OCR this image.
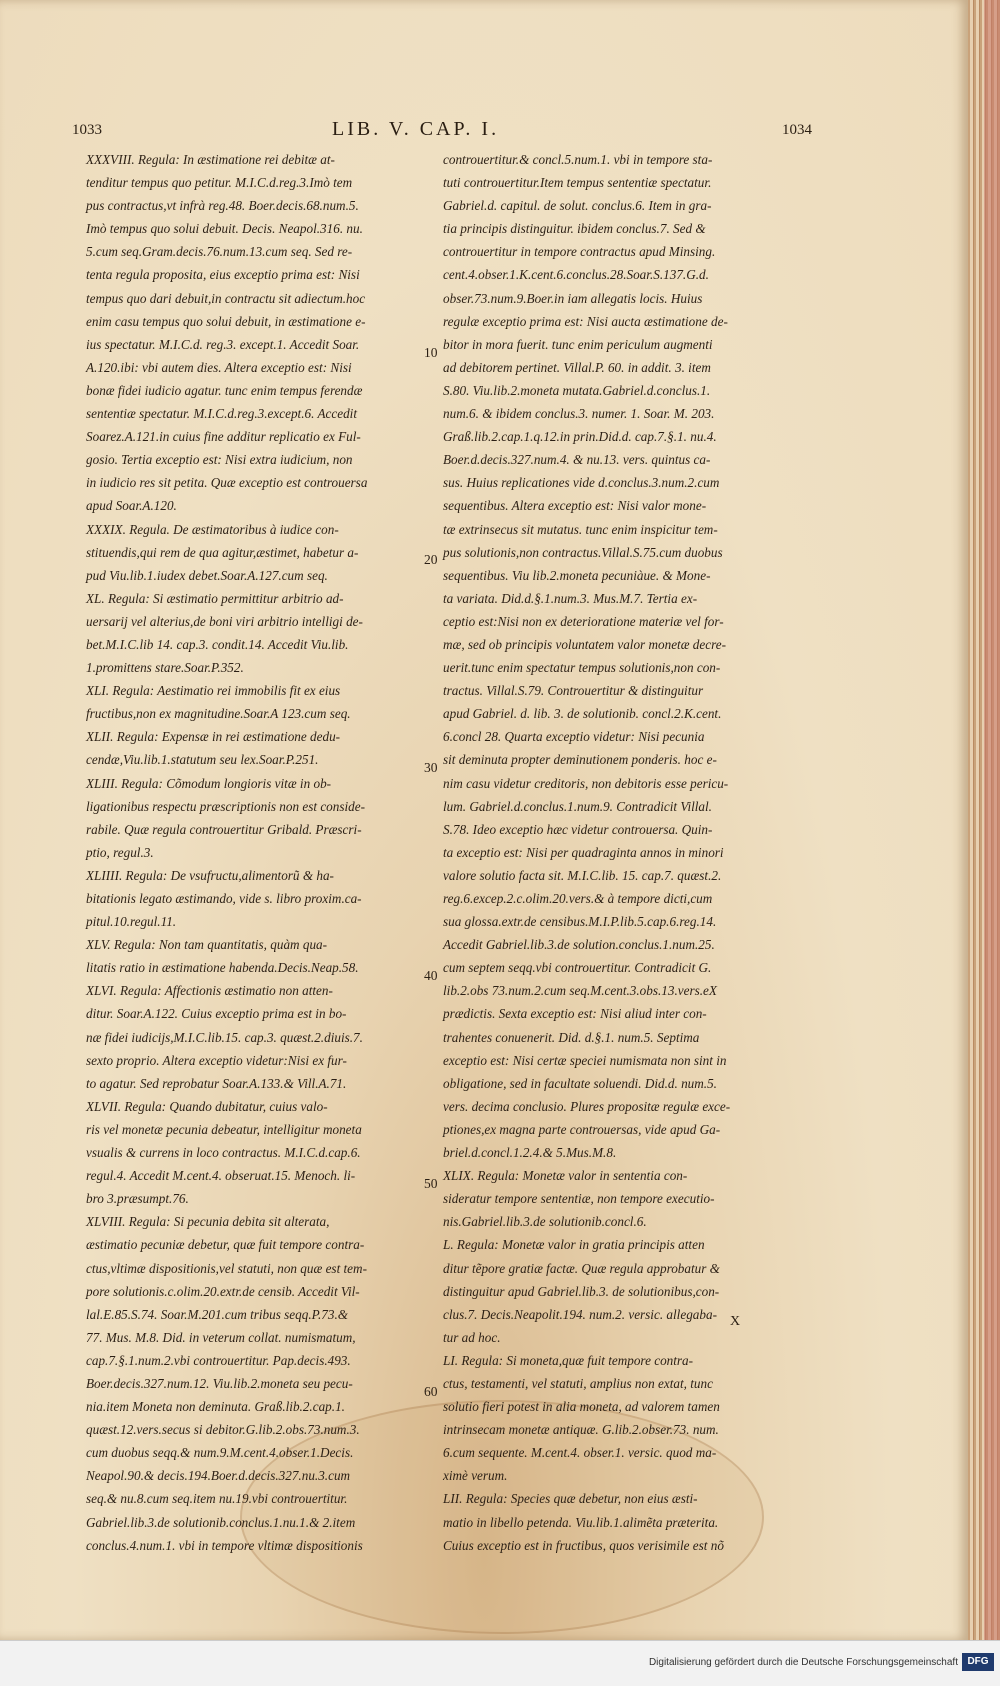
1033	LIB. V. CAP. I.	1034
XXXVIII. Regula: In æstimatione rei debitæ at-
tenditur tempus quo petitur. M.I.C.d.reg.3.Imò tem
pus contractus,vt infrà reg.48. Boer.decis.68.num.5.
Imò tempus quo solui debuit. Decis. Neapol.316. nu.
5.cum seq.Gram.decis.76.num.13.cum seq. Sed re-
tenta regula proposita, eius exceptio prima est: Nisi
tempus quo dari debuit,in contractu sit adiectum.hoc
enim casu tempus quo solui debuit, in æstimatione e-
ius spectatur. M.I.C.d. reg.3. except.1. Accedit Soar.
A.120.ibi: vbi autem dies. Altera exceptio est: Nisi
bonæ fidei iudicio agatur. tunc enim tempus ferendæ
sententiæ spectatur. M.I.C.d.reg.3.except.6. Accedit
Soarez.A.121.in cuius fine additur replicatio ex Ful-
gosio. Tertia exceptio est: Nisi extra iudicium, non
in iudicio res sit petita. Quæ exceptio est controuersa
apud Soar.A.120.
XXXIX. Regula. De æstimatoribus à iudice con-
stituendis,qui rem de qua agitur,æstimet, habetur a-
pud Viu.lib.1.iudex debet.Soar.A.127.cum seq.
XL. Regula: Si æstimatio permittitur arbitrio ad-
uersarij vel alterius,de boni viri arbitrio intelligi de-
bet.M.I.C.lib 14. cap.3. condit.14. Accedit Viu.lib.
1.promittens stare.Soar.P.352.
XLI. Regula: Aestimatio rei immobilis fit ex eius
fructibus,non ex magnitudine.Soar.A 123.cum seq.
XLII. Regula: Expensæ in rei æstimatione dedu-
cendæ,Viu.lib.1.statutum seu lex.Soar.P.251.
XLIII. Regula: Cõmodum longioris vitæ in ob-
ligationibus respectu præscriptionis non est conside-
rabile. Quæ regula controuertitur Gribald. Præscri-
ptio, regul.3.
XLIIII. Regula: De vsufructu,alimentorũ & ha-
bitationis legato æstimando, vide s. libro proxim.ca-
pitul.10.regul.11.
XLV. Regula: Non tam quantitatis, quàm qua-
litatis ratio in æstimatione habenda.Decis.Neap.58.
XLVI. Regula: Affectionis æstimatio non atten-
ditur. Soar.A.122. Cuius exceptio prima est in bo-
næ fidei iudicijs,M.I.C.lib.15. cap.3. quæst.2.diuis.7.
sexto proprio. Altera exceptio videtur:Nisi ex fur-
to agatur. Sed reprobatur Soar.A.133.& Vill.A.71.
XLVII. Regula: Quando dubitatur, cuius valo-
ris vel monetæ pecunia debeatur, intelligitur moneta
vsualis & currens in loco contractus. M.I.C.d.cap.6.
regul.4. Accedit M.cent.4. obseruat.15. Menoch. li-
bro 3.præsumpt.76.
XLVIII. Regula: Si pecunia debita sit alterata,
æstimatio pecuniæ debetur, quæ fuit tempore contra-
ctus,vltimæ dispositionis,vel statuti, non quæ est tem-
pore solutionis.c.olim.20.extr.de censib. Accedit Vil-
lal.E.85.S.74. Soar.M.201.cum tribus seqq.P.73.&
77. Mus. M.8. Did. in veterum collat. numismatum,
cap.7.§.1.num.2.vbi controuertitur. Pap.decis.493.
Boer.decis.327.num.12. Viu.lib.2.moneta seu pecu-
nia.item Moneta non deminuta. Graß.lib.2.cap.1.
quæst.12.vers.secus si debitor.G.lib.2.obs.73.num.3.
cum duobus seqq.& num.9.M.cent.4.obser.1.Decis.
Neapol.90.& decis.194.Boer.d.decis.327.nu.3.cum
seq.& nu.8.cum seq.item nu.19.vbi controuertitur.
Gabriel.lib.3.de solutionib.conclus.1.nu.1.& 2.item
conclus.4.num.1. vbi in tempore vltimæ dispositionis
controuertitur.& concl.5.num.1. vbi in tempore sta-
tuti controuertitur.Item tempus sententiæ spectatur.
Gabriel.d. capitul. de solut. conclus.6. Item in gra-
tia principis distinguitur. ibidem conclus.7. Sed &
controuertitur in tempore contractus apud Minsing.
cent.4.obser.1.K.cent.6.conclus.28.Soar.S.137.G.d.
obser.73.num.9.Boer.in iam allegatis locis. Huius
regulæ exceptio prima est: Nisi aucta æstimatione de-
bitor in mora fuerit. tunc enim periculum augmenti
ad debitorem pertinet. Villal.P. 60. in addit. 3. item
S.80. Viu.lib.2.moneta mutata.Gabriel.d.conclus.1.
num.6. & ibidem conclus.3. numer. 1. Soar. M. 203.
Graß.lib.2.cap.1.q.12.in prin.Did.d. cap.7.§.1. nu.4.
Boer.d.decis.327.num.4. & nu.13. vers. quintus ca-
sus. Huius replicationes vide d.conclus.3.num.2.cum
sequentibus. Altera exceptio est: Nisi valor mone-
tæ extrinsecus sit mutatus. tunc enim inspicitur tem-
pus solutionis,non contractus.Villal.S.75.cum duobus
sequentibus. Viu lib.2.moneta pecuniàue. & Mone-
ta variata. Did.d.§.1.num.3. Mus.M.7. Tertia ex-
ceptio est:Nisi non ex deterioratione materiæ vel for-
mæ, sed ob principis voluntatem valor monetæ decre-
uerit.tunc enim spectatur tempus solutionis,non con-
tractus. Villal.S.79. Controuertitur & distinguitur
apud Gabriel. d. lib. 3. de solutionib. concl.2.K.cent.
6.concl 28. Quarta exceptio videtur: Nisi pecunia
sit deminuta propter deminutionem ponderis. hoc e-
nim casu videtur creditoris, non debitoris esse pericu-
lum. Gabriel.d.conclus.1.num.9. Contradicit Villal.
S.78. Ideo exceptio hæc videtur controuersa. Quin-
ta exceptio est: Nisi per quadraginta annos in minori
valore solutio facta sit. M.I.C.lib. 15. cap.7. quæst.2.
reg.6.excep.2.c.olim.20.vers.& à tempore dicti,cum
sua glossa.extr.de censibus.M.I.P.lib.5.cap.6.reg.14.
Accedit Gabriel.lib.3.de solution.conclus.1.num.25.
cum septem seqq.vbi controuertitur. Contradicit G.
lib.2.obs 73.num.2.cum seq.M.cent.3.obs.13.vers.eX
prædictis. Sexta exceptio est: Nisi aliud inter con-
trahentes conuenerit. Did. d.§.1. num.5. Septima
exceptio est: Nisi certæ speciei numismata non sint in
obligatione, sed in facultate soluendi. Did.d. num.5.
vers. decima conclusio. Plures propositæ regulæ exce-
ptiones,ex magna parte controuersas, vide apud Ga-
briel.d.concl.1.2.4.& 5.Mus.M.8.
XLIX. Regula: Monetæ valor in sententia con-
sideratur tempore sententiæ, non tempore executio-
nis.Gabriel.lib.3.de solutionib.concl.6.
L. Regula: Monetæ valor in gratia principis atten
ditur tẽpore gratiæ factæ. Quæ regula approbatur &
distinguitur apud Gabriel.lib.3. de solutionibus,con-
clus.7. Decis.Neapolit.194. num.2. versic. allegaba-
tur ad hoc.
LI. Regula: Si moneta,quæ fuit tempore contra-
ctus, testamenti, vel statuti, amplius non extat, tunc
solutio fieri potest in alia moneta, ad valorem tamen
intrinsecam monetæ antiquæ. G.lib.2.obser.73. num.
6.cum sequente. M.cent.4. obser.1. versic. quod ma-
ximè verum.
LII. Regula: Species quæ debetur, non eius æsti-
matio in libello petenda. Viu.lib.1.alimẽta præterita.
Cuius exceptio est in fructibus, quos verisimile est nõ
10
20
30
40
50
60
X
Digitalisierung gefördert durch die Deutsche Forschungsgemeinschaft DFG
